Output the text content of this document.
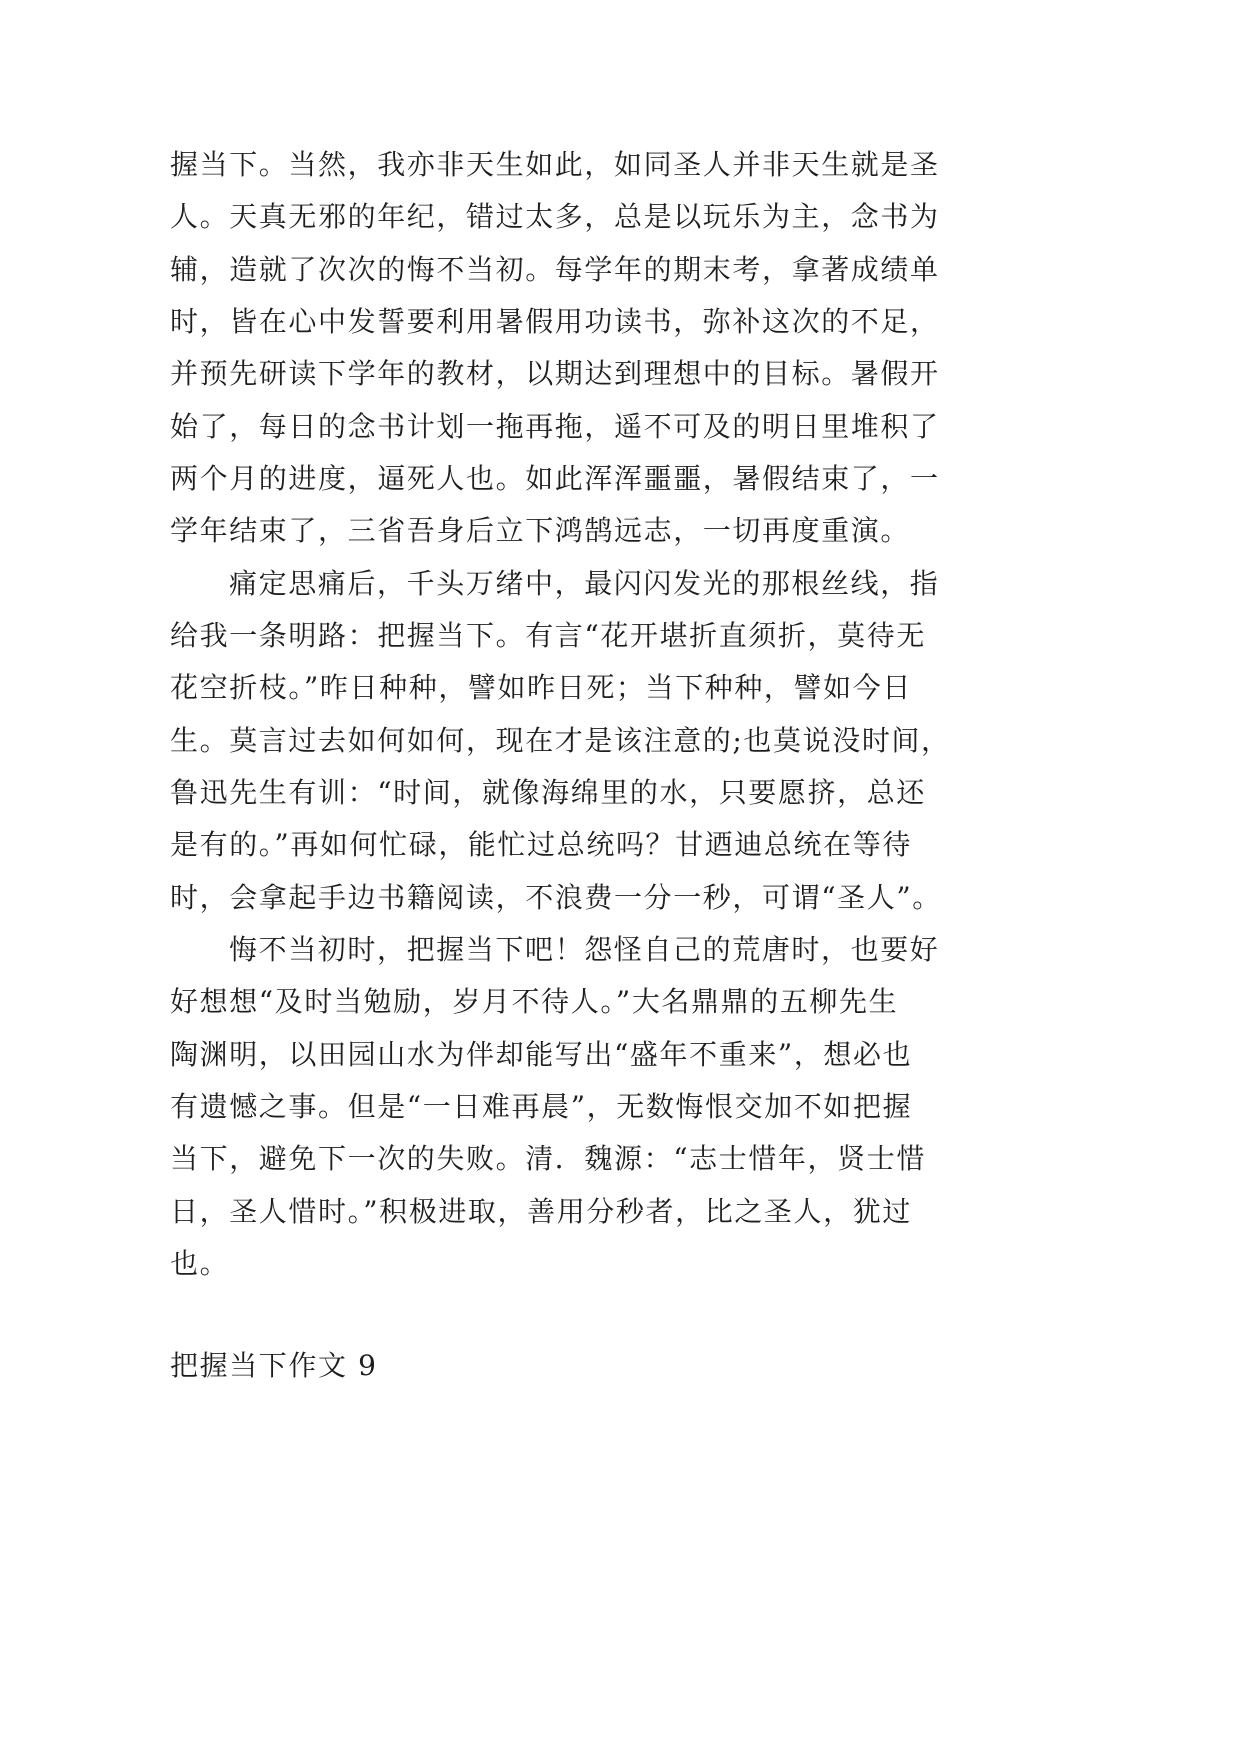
握当下。当然，我亦非天生如此，如同圣人并非天生就是圣
人。天真无邪的年纪，错过太多，总是以玩乐为主，念书为
辅，造就了次次的悔不当初。每学年的期末考，拿著成绩单
时，皆在心中发誓要利用暑假用功读书，弥补这次的不足，
并预先研读下学年的教材，以期达到理想中的目标。暑假开
始了，每日的念书计划一拖再拖，遥不可及的明日里堆积了
两个月的进度，逼死人也。如此浑浑噩噩，暑假结束了，一
学年结束了，三省吾身后立下鸿鹄远志，一切再度重演。
痛定思痛后，千头万绪中，最闪闪发光的那根丝线，指
给我一条明路：把握当下。有言“花开堪折直须折，莫待无
花空折枝。”昨日种种，譬如昨日死；当下种种，譬如今日
生。莫言过去如何如何，现在才是该注意的;也莫说没时间，
鲁迅先生有训：“时间，就像海绵里的水，只要愿挤，总还
是有的。”再如何忙碌，能忙过总统吗？甘迺迪总统在等待
时，会拿起手边书籍阅读，不浪费一分一秒，可谓“圣人”。
悔不当初时，把握当下吧！怨怪自己的荒唐时，也要好
好想想“及时当勉励，岁月不待人。”大名鼎鼎的五柳先生
陶渊明，以田园山水为伴却能写出“盛年不重来”，想必也
有遗憾之事。但是“一日难再晨”，无数悔恨交加不如把握
当下，避免下一次的失败。清．魏源：“志士惜年，贤士惜
日，圣人惜时。”积极进取，善用分秒者，比之圣人，犹过
也。
把握当下作文 9
